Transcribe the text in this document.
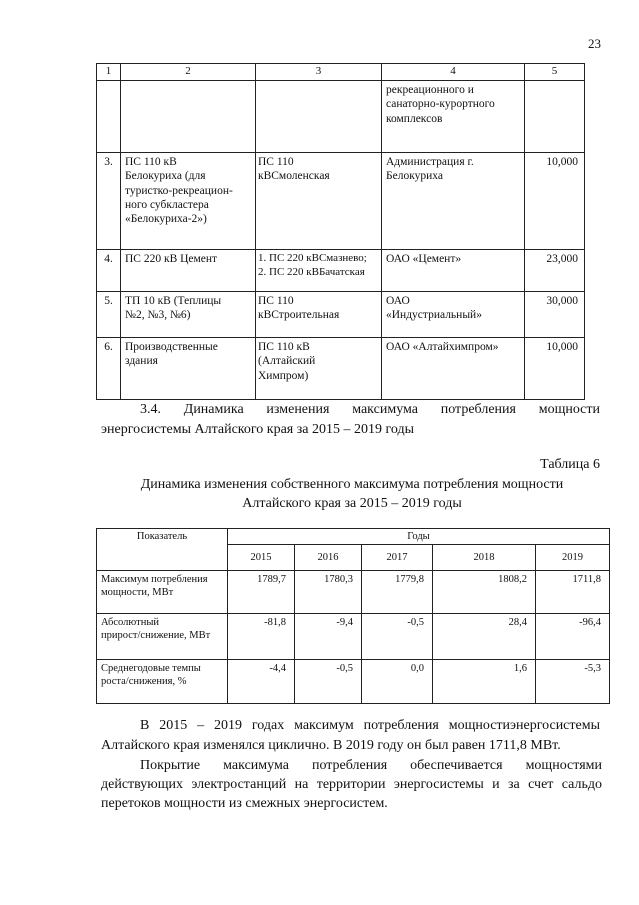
23
1	2	3	4	5
			рекреационного и
санаторно-курортного
комплексов	
3.	ПС 110 кВ
Белокуриха (для
туристко-рекреацион-
ного субкластера
«Белокуриха-2»)	ПС 110
кВСмоленская	Администрация г.
Белокуриха	10,000
4.	ПС 220 кВ Цемент	1. ПС 220 кВСмазнево;
2. ПС 220 кВБачатская	ОАО «Цемент»	23,000
5.	ТП 10 кВ (Теплицы
№2, №3, №6)	ПС 110
кВСтроительная	ОАО
«Индустриальный»	30,000
6.	Производственные
здания	ПС 110 кВ
(Алтайский
Химпром)	ОАО «Алтайхимпром»	10,000

3.4. Динамика изменения максимума потребления мощности

энергосистемы Алтайского края за 2015 – 2019 годы

Таблица 6

Динамика изменения собственного максимума потребления мощности

Алтайского края за 2015 – 2019 годы

Показатель	Годы				
	2015	2016	2017	2018	2019
Максимум потребления
мощности, МВт	1789,7	1780,3	1779,8	1808,2	1711,8
Абсолютный
прирост/снижение, МВт	-81,8	-9,4	-0,5	28,4	-96,4
Среднегодовые темпы
роста/снижения, %	-4,4	-0,5	0,0	1,6	-5,3

В 2015 – 2019 годах максимум потребления мощностиэнергосистемы

Алтайского края изменялся циклично. В 2019 году он был равен 1711,8 МВт.

Покрытие максимума потребления обеспечивается мощностями

действующих электростанций на территории энергосистемы и за счет сальдо

перетоков мощности из смежных энергосистем.
